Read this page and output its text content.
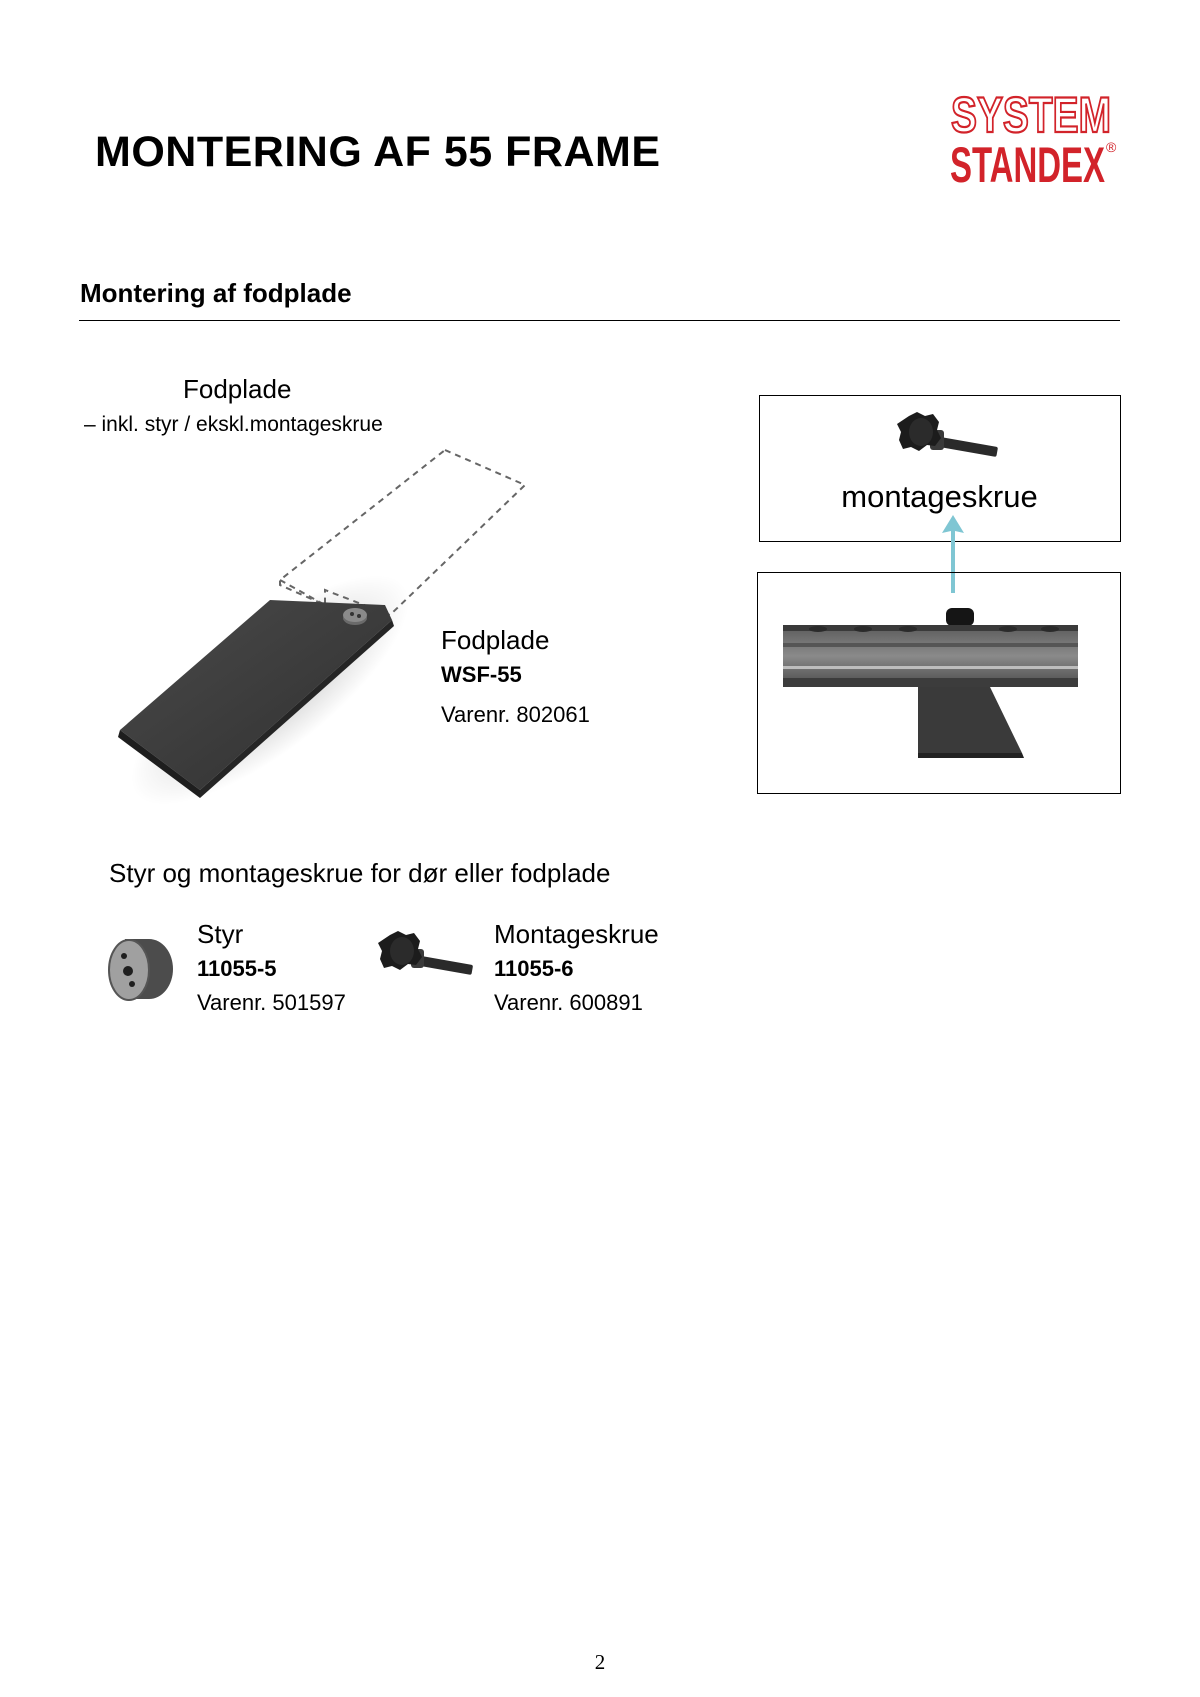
MONTERING AF 55 FRAME
SYSTEM
STANDEX ®
Montering af fodplade
Fodplade
– inkl. styr / ekskl.montageskrue
Fodplade
WSF-55
Varenr. 802061
montageskrue
Styr og montageskrue for dør eller fodplade
Styr
11055-5
Varenr. 501597
Montageskrue
11055-6
Varenr. 600891
2
